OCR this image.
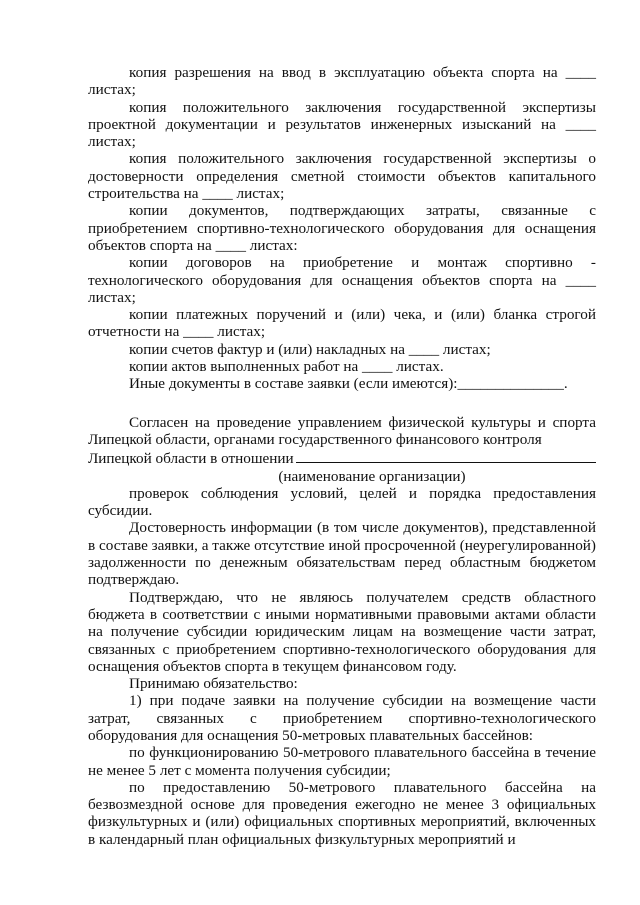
копия разрешения на ввод в эксплуатацию объекта спорта на ____ листах;

копия положительного заключения государственной экспертизы проектной документации и результатов инженерных изысканий на ____ листах;

копия положительного заключения государственной экспертизы о достоверности определения сметной стоимости объектов капитального строительства на ____ листах;

копии документов, подтверждающих затраты, связанные с приобретением спортивно-технологического оборудования для оснащения объектов спорта на ____ листах:

копии договоров на приобретение и монтаж спортивно - технологического оборудования для оснащения объектов спорта на ____ листах;

копии платежных поручений и (или) чека, и (или) бланка строгой отчетности на ____ листах;

копии счетов фактур и (или) накладных на ____ листах;

копии актов выполненных работ на ____ листах.

Иные документы в составе заявки (если имеются):______________.

Согласен на проведение управлением физической культуры и спорта Липецкой области, органами государственного финансового контроля

Липецкой области в отношении

(наименование организации)

проверок соблюдения условий, целей и порядка предоставления субсидии.

Достоверность информации (в том числе документов), представленной в составе заявки, а также отсутствие иной просроченной (неурегулированной) задолженности по денежным обязательствам перед областным бюджетом подтверждаю.

Подтверждаю, что не являюсь получателем средств областного бюджета в соответствии с иными нормативными правовыми актами области на получение субсидии юридическим лицам на возмещение части затрат, связанных с приобретением спортивно-технологического оборудования для оснащения объектов спорта в текущем финансовом году.

Принимаю обязательство:

1) при подаче заявки на получение субсидии на возмещение части затрат, связанных с приобретением спортивно-технологического оборудования для оснащения 50-метровых плавательных бассейнов:

по функционированию 50-метрового плавательного бассейна в течение не менее 5 лет с момента получения субсидии;

по предоставлению 50-метрового плавательного бассейна на безвозмездной основе для проведения ежегодно не менее 3 официальных физкультурных и (или) официальных спортивных мероприятий, включенных в календарный план официальных физкультурных мероприятий и
